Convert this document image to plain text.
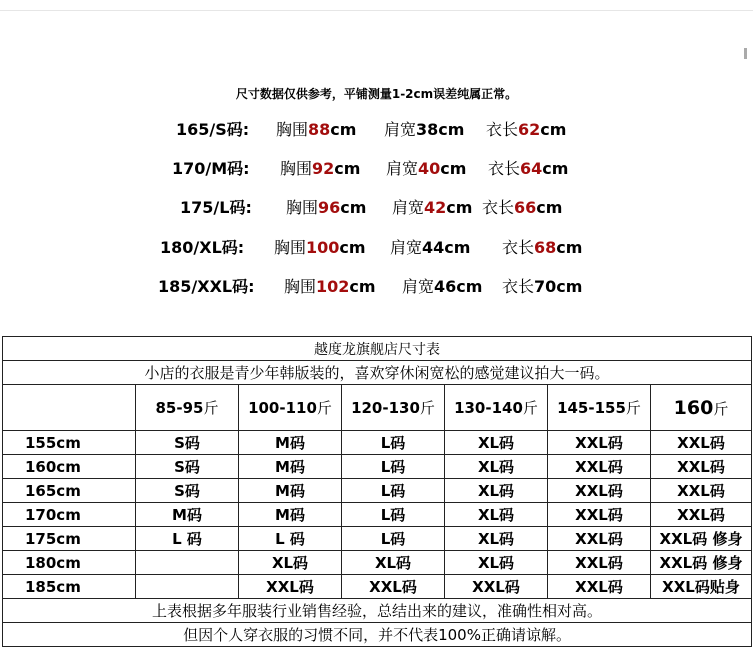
尺寸数据仅供参考，平铺测量1-2cm误差纯属正常。
165/S码: 胸围88cm 肩宽38cm 衣长62cm
170/M码: 胸围92cm 肩宽40cm 衣长64cm
175/L码: 胸围96cm 肩宽42cm 衣长66cm
180/XL码: 胸围100cm 肩宽44cm 衣长68cm
185/XXL码: 胸围102cm 肩宽46cm 衣长70cm
越度龙旗舰店尺寸表						
小店的衣服是青少年韩版装的，喜欢穿休闲宽松的感觉建议拍大一码。						
	85-95斤	100-110斤	120-130斤	130-140斤	145-155斤	160斤
155cm	S码	M码	L码	XL码	XXL码	XXL码
160cm	S码	M码	L码	XL码	XXL码	XXL码
165cm	S码	M码	L码	XL码	XXL码	XXL码
170cm	M码	M码	L码	XL码	XXL码	XXL码
175cm	L 码	L 码	L码	XL码	XXL码	XXL码 修身
180cm		XL码	XL码	XL码	XXL码	XXL码 修身
185cm		XXL码	XXL码	XXL码	XXL码	XXL码贴身
上表根据多年服装行业销售经验，总结出来的建议，准确性相对高。						
但因个人穿衣服的习惯不同，并不代表100%正确请谅解。						
